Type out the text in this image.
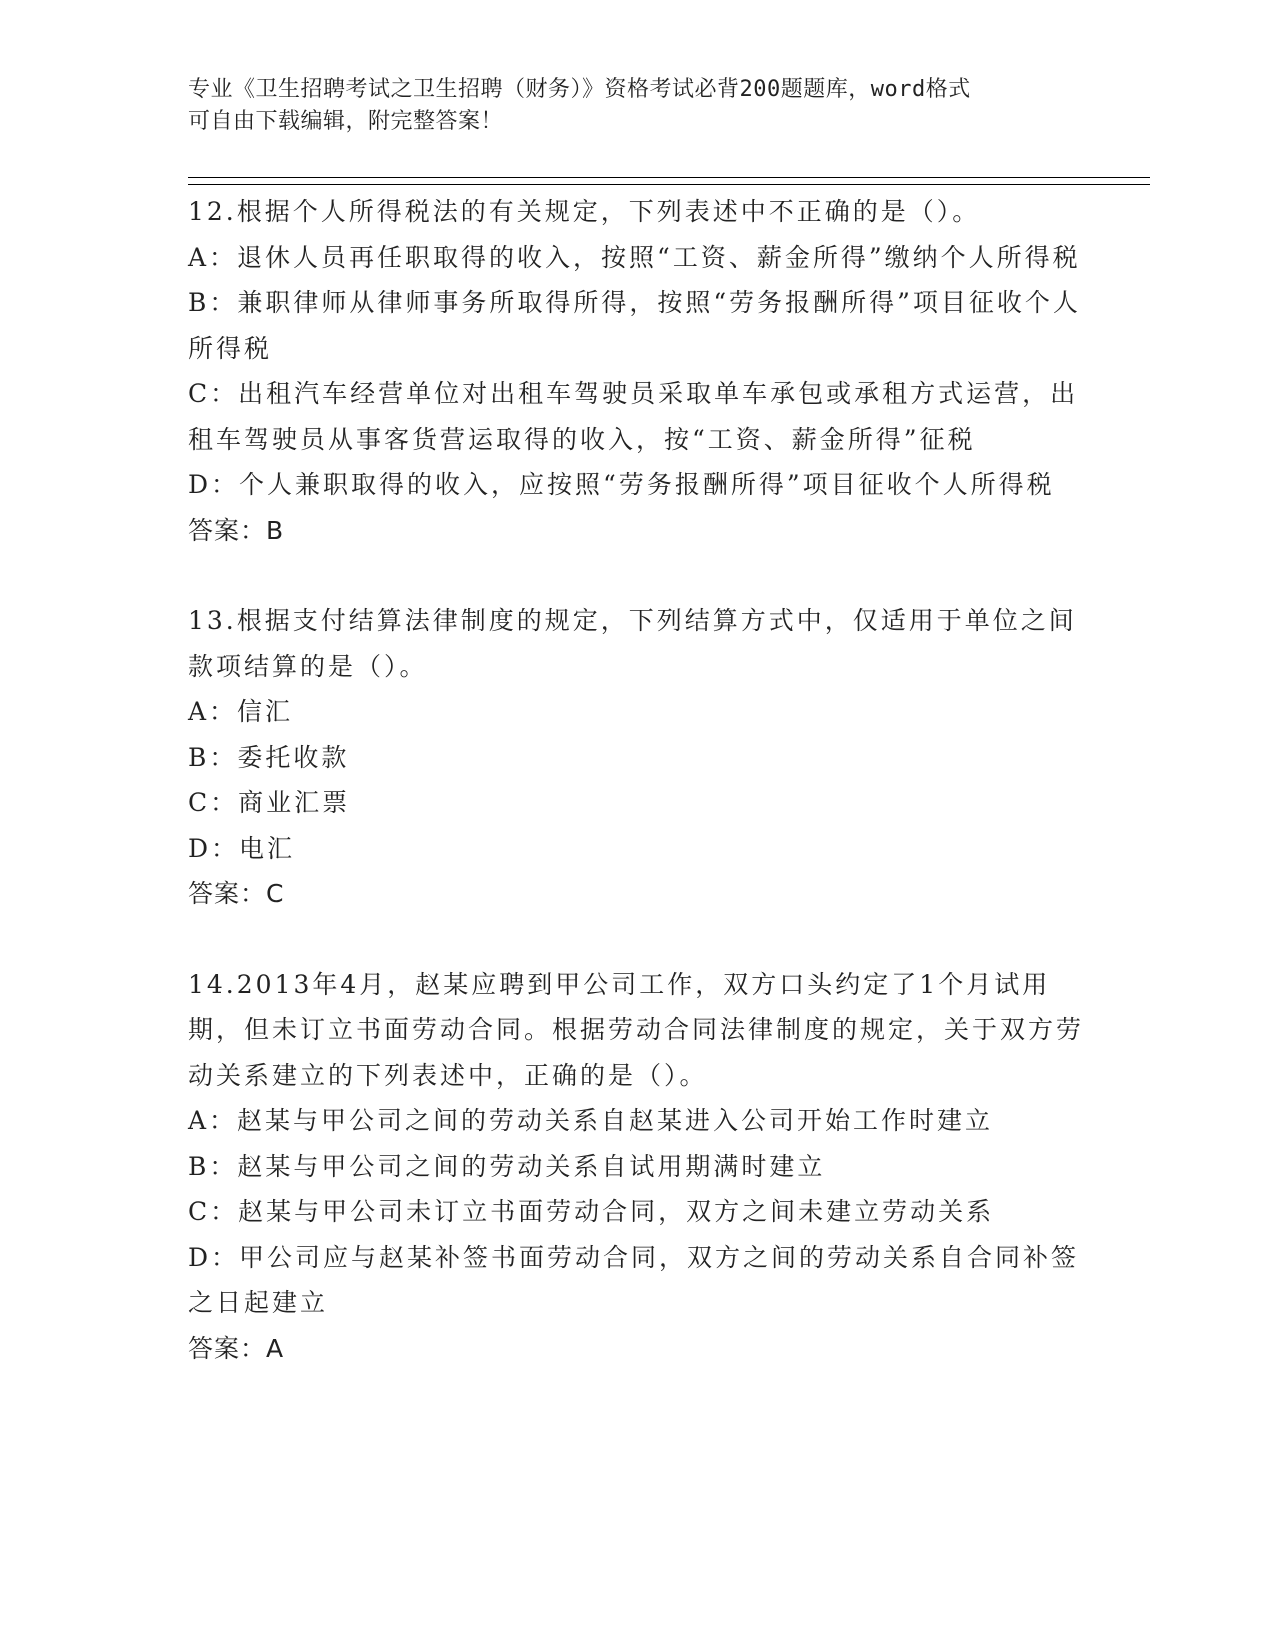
专业《卫生招聘考试之卫生招聘（财务）》资格考试必背200题题库，word格式
可自由下载编辑，附完整答案！
12.根据个人所得税法的有关规定，下列表述中不正确的是（）。
A：退休人员再任职取得的收入，按照“工资、薪金所得”缴纳个人所得税
B：兼职律师从律师事务所取得所得，按照“劳务报酬所得”项目征收个人所得税
C：出租汽车经营单位对出租车驾驶员采取单车承包或承租方式运营，出租车驾驶员从事客货营运取得的收入，按“工资、薪金所得”征税
D：个人兼职取得的收入，应按照“劳务报酬所得”项目征收个人所得税
答案：B
13.根据支付结算法律制度的规定，下列结算方式中，仅适用于单位之间款项结算的是（）。
A：信汇
B：委托收款
C：商业汇票
D：电汇
答案：C
14.2013年4月，赵某应聘到甲公司工作，双方口头约定了1个月试用期，但未订立书面劳动合同。根据劳动合同法律制度的规定，关于双方劳动关系建立的下列表述中，正确的是（）。
A：赵某与甲公司之间的劳动关系自赵某进入公司开始工作时建立
B：赵某与甲公司之间的劳动关系自试用期满时建立
C：赵某与甲公司未订立书面劳动合同，双方之间未建立劳动关系
D：甲公司应与赵某补签书面劳动合同，双方之间的劳动关系自合同补签之日起建立
答案：A
